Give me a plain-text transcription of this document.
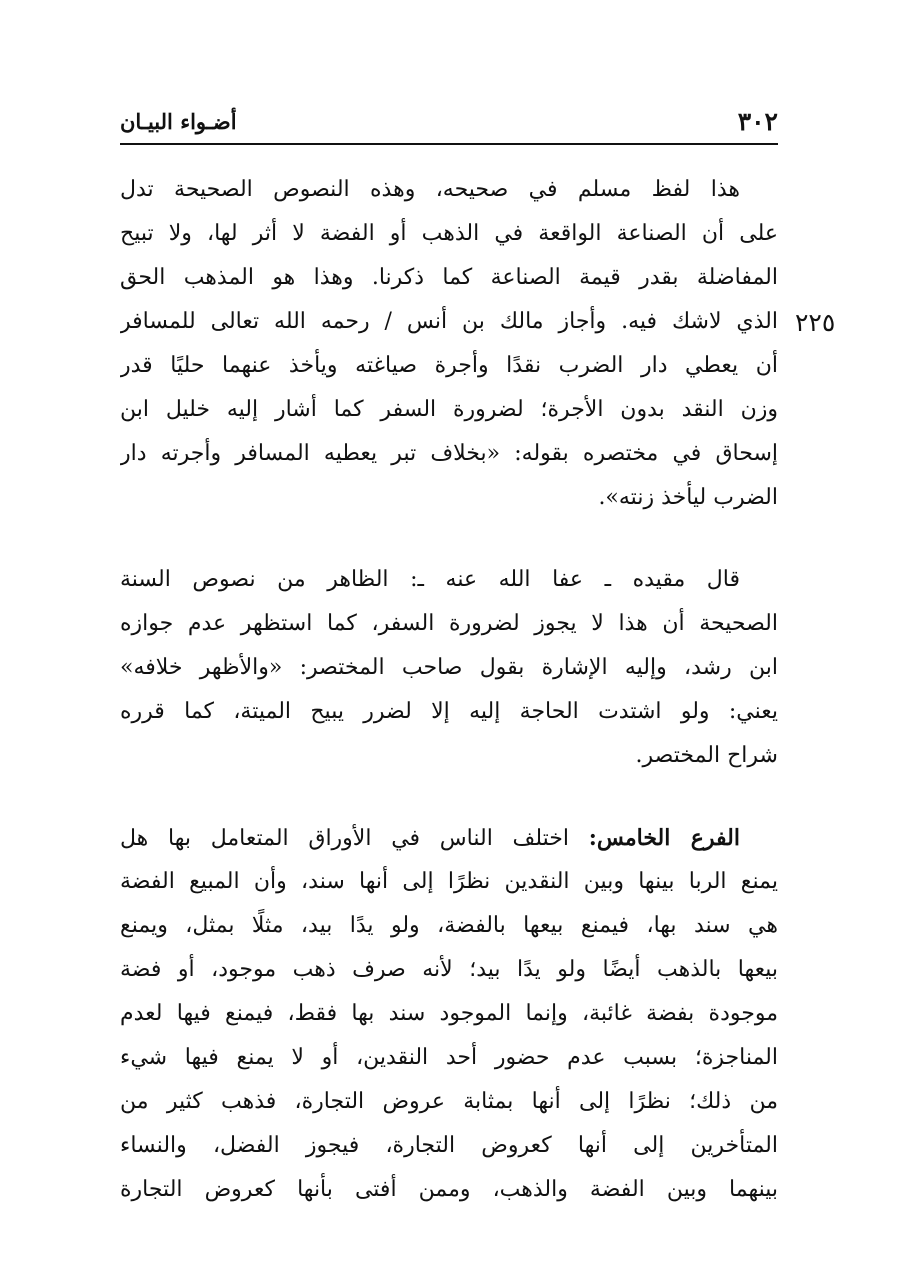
٣٠٢
أضـواء البيـان
٢٢٥
هذا لفظ مسلم في صحيحه، وهذه النصوص الصحيحة تدل
على أن الصناعة الواقعة في الذهب أو الفضة لا أثر لها، ولا تبيح
المفاضلة بقدر قيمة الصناعة كما ذكرنا. وهذا هو المذهب الحق
الذي لاشك فيه. وأجاز مالك بن أنس / رحمه الله تعالى للمسافر
أن يعطي دار الضرب نقدًا وأجرة صياغته ويأخذ عنهما حليًا قدر
وزن النقد بدون الأجرة؛ لضرورة السفر كما أشار إليه خليل ابن
إسحاق في مختصره بقوله: «بخلاف تبر يعطيه المسافر وأجرته دار
الضرب ليأخذ زنته».
قال مقيده ـ عفا الله عنه ـ: الظاهر من نصوص السنة
الصحيحة أن هذا لا يجوز لضرورة السفر، كما استظهر عدم جوازه
ابن رشد، وإليه الإشارة بقول صاحب المختصر: «والأظهر خلافه»
يعني: ولو اشتدت الحاجة إليه إلا لضرر يبيح الميتة، كما قرره
شراح المختصر.
الفرع الخامس: اختلف الناس في الأوراق المتعامل بها هل
يمنع الربا بينها وبين النقدين نظرًا إلى أنها سند، وأن المبيع الفضة
هي سند بها، فيمنع بيعها بالفضة، ولو يدًا بيد، مثلًا بمثل، ويمنع
بيعها بالذهب أيضًا ولو يدًا بيد؛ لأنه صرف ذهب موجود، أو فضة
موجودة بفضة غائبة، وإنما الموجود سند بها فقط، فيمنع فيها لعدم
المناجزة؛ بسبب عدم حضور أحد النقدين، أو لا يمنع فيها شيء
من ذلك؛ نظرًا إلى أنها بمثابة عروض التجارة، فذهب كثير من
المتأخرين إلى أنها كعروض التجارة، فيجوز الفضل، والنساء
بينهما وبين الفضة والذهب، وممن أفتى بأنها كعروض التجارة
